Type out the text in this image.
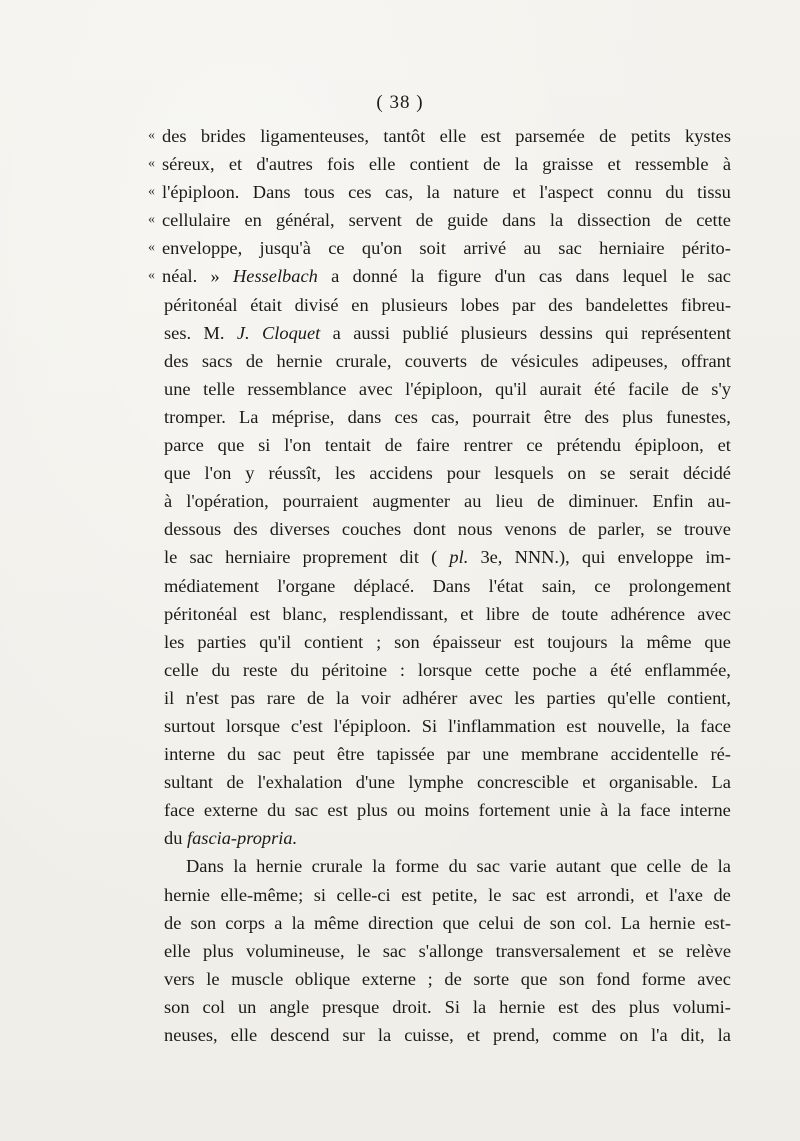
( 38 )
« des brides ligamenteuses, tantôt elle est parsemée de petits kystes
« séreux, et d'autres fois elle contient de la graisse et ressemble à
« l'épiploon. Dans tous ces cas, la nature et l'aspect connu du tissu
« cellulaire en général, servent de guide dans la dissection de cette
« enveloppe, jusqu'à ce qu'on soit arrivé au sac herniaire périto-
« néal. » Hesselbach a donné la figure d'un cas dans lequel le sac
péritonéal était divisé en plusieurs lobes par des bandelettes fibreu-
ses. M. J. Cloquet a aussi publié plusieurs dessins qui représentent
des sacs de hernie crurale, couverts de vésicules adipeuses, offrant
une telle ressemblance avec l'épiploon, qu'il aurait été facile de s'y
tromper. La méprise, dans ces cas, pourrait être des plus funestes,
parce que si l'on tentait de faire rentrer ce prétendu épiploon, et
que l'on y réussît, les accidens pour lesquels on se serait décidé
à l'opération, pourraient augmenter au lieu de diminuer. Enfin au-
dessous des diverses couches dont nous venons de parler, se trouve
le sac herniaire proprement dit ( pl. 3e, NNN.), qui enveloppe im-
médiatement l'organe déplacé. Dans l'état sain, ce prolongement
péritonéal est blanc, resplendissant, et libre de toute adhérence avec
les parties qu'il contient ; son épaisseur est toujours la même que
celle du reste du péritoine : lorsque cette poche a été enflammée,
il n'est pas rare de la voir adhérer avec les parties qu'elle contient,
surtout lorsque c'est l'épiploon. Si l'inflammation est nouvelle, la face
interne du sac peut être tapissée par une membrane accidentelle ré-
sultant de l'exhalation d'une lymphe concrescible et organisable. La
face externe du sac est plus ou moins fortement unie à la face interne
du fascia-propria.
Dans la hernie crurale la forme du sac varie autant que celle de la
hernie elle-même; si celle-ci est petite, le sac est arrondi, et l'axe de
de son corps a la même direction que celui de son col. La hernie est-
elle plus volumineuse, le sac s'allonge transversalement et se relève
vers le muscle oblique externe ; de sorte que son fond forme avec
son col un angle presque droit. Si la hernie est des plus volumi-
neuses, elle descend sur la cuisse, et prend, comme on l'a dit, la
